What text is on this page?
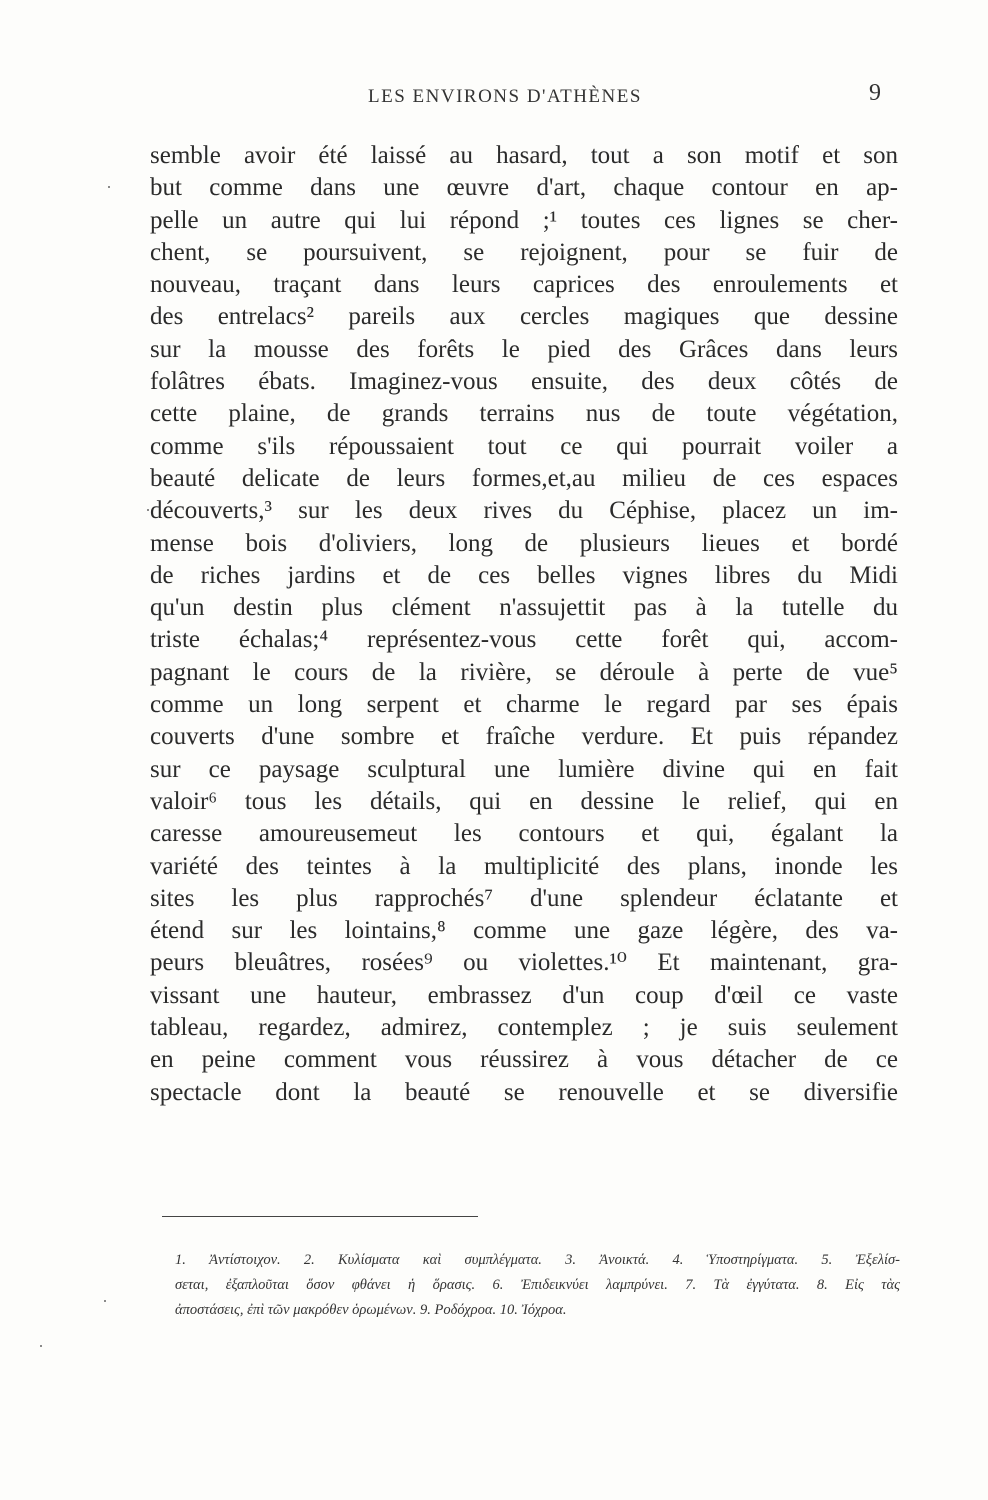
LES ENVIRONS D'ATHÈNES	9
semble avoir été laissé au hasard, tout a son motif et son
but comme dans une œuvre d'art, chaque contour en ap-
pelle un autre qui lui répond ;¹ toutes ces lignes se cher-
chent, se poursuivent, se rejoignent, pour se fuir de
nouveau, traçant dans leurs caprices des enroulements et
des entrelacs² pareils aux cercles magiques que dessine
sur la mousse des forêts le pied des Grâces dans leurs
folâtres ébats. Imaginez-vous ensuite, des deux côtés de
cette plaine, de grands terrains nus de toute végétation,
comme s'ils répoussaient tout ce qui pourrait voiler a
beauté delicate de leurs formes,et,au milieu de ces espaces
découverts,³ sur les deux rives du Céphise, placez un im-
mense bois d'oliviers, long de plusieurs lieues et bordé
de riches jardins et de ces belles vignes libres du Midi
qu'un destin plus clément n'assujettit pas à la tutelle du
triste échalas;⁴ représentez-vous cette forêt qui, accom-
pagnant le cours de la rivière, se déroule à perte de vue⁵
comme un long serpent et charme le regard par ses épais
couverts d'une sombre et fraîche verdure. Et puis répandez
sur ce paysage sculptural une lumière divine qui en fait
valoir⁶ tous les détails, qui en dessine le relief, qui en
caresse amoureusemeut les contours et qui, égalant la
variété des teintes à la multiplicité des plans, inonde les
sites les plus rapprochés⁷ d'une splendeur éclatante et
étend sur les lointains,⁸ comme une gaze légère, des va-
peurs bleuâtres, rosées⁹ ou violettes.¹⁰ Et maintenant, gra-
vissant une hauteur, embrassez d'un coup d'œil ce vaste
tableau, regardez, admirez, contemplez ; je suis seulement
en peine comment vous réussirez à vous détacher de ce
spectacle dont la beauté se renouvelle et se diversifie
1. Ἀντίστοιχον. 2. Κυλίσματα καὶ συμπλέγματα. 3. Ἀνοικτά. 4. Ὑποστηρίγματα. 5. Ἐξελίσ-
σεται, ἐξαπλοῦται ὅσον φθάνει ἡ ὅρασις. 6. Ἐπιδεικνύει λαμπρύνει. 7. Τὰ ἐγγύτατα. 8. Εἰς τὰς
ἀποστάσεις, ἐπὶ τῶν μακρόθεν ὁρωμένων. 9. Ροδόχροα. 10. Ἰόχροα.
